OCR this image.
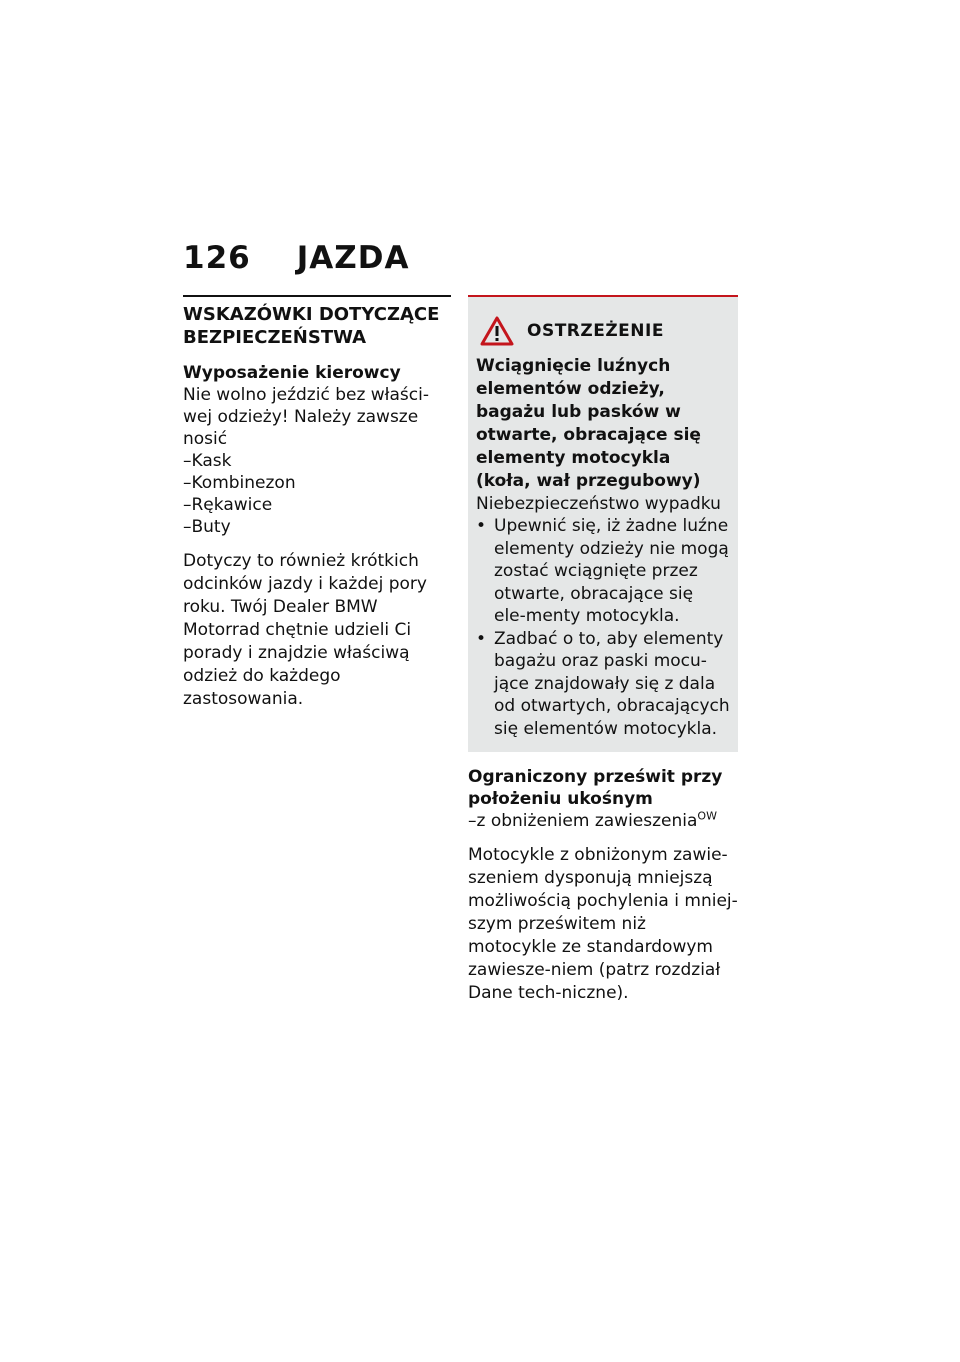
126 JAZDA
WSKAZÓWKI DOTYCZĄCE BEZPIECZEŃSTWA
Wyposażenie kierowcy
Nie wolno jeździć bez właści-wej odzieży! Należy zawsze nosić
–Kask
–Kombinezon
–Rękawice
–Buty
Dotyczy to również krótkich odcinków jazdy i każdej pory roku. Twój Dealer BMW Motorrad chętnie udzieli Ci porady i znajdzie właściwą odzież do każdego zastosowania.
OSTRZEŻENIE
Wciągnięcie luźnych elementów odzieży, bagażu lub pasków w otwarte, obracające się elementy motocykla (koła, wał przegubowy)
Niebezpieczeństwo wypadku
• Upewnić się, iż żadne luźne elementy odzieży nie mogą zostać wciągnięte przez otwarte, obracające się ele-menty motocykla.
• Zadbać o to, aby elementy bagażu oraz paski mocu-jące znajdowały się z dala od otwartych, obracających się elementów motocykla.
Ograniczony prześwit przy położeniu ukośnym
–z obniżeniem zawieszenia$^{OW}$
Motocykle z obniżonym zawie-szeniem dysponują mniejszą możliwością pochylenia i mniej-szym prześwitem niż motocykle ze standardowym zawiesze-niem (patrz rozdział Dane tech-niczne).
